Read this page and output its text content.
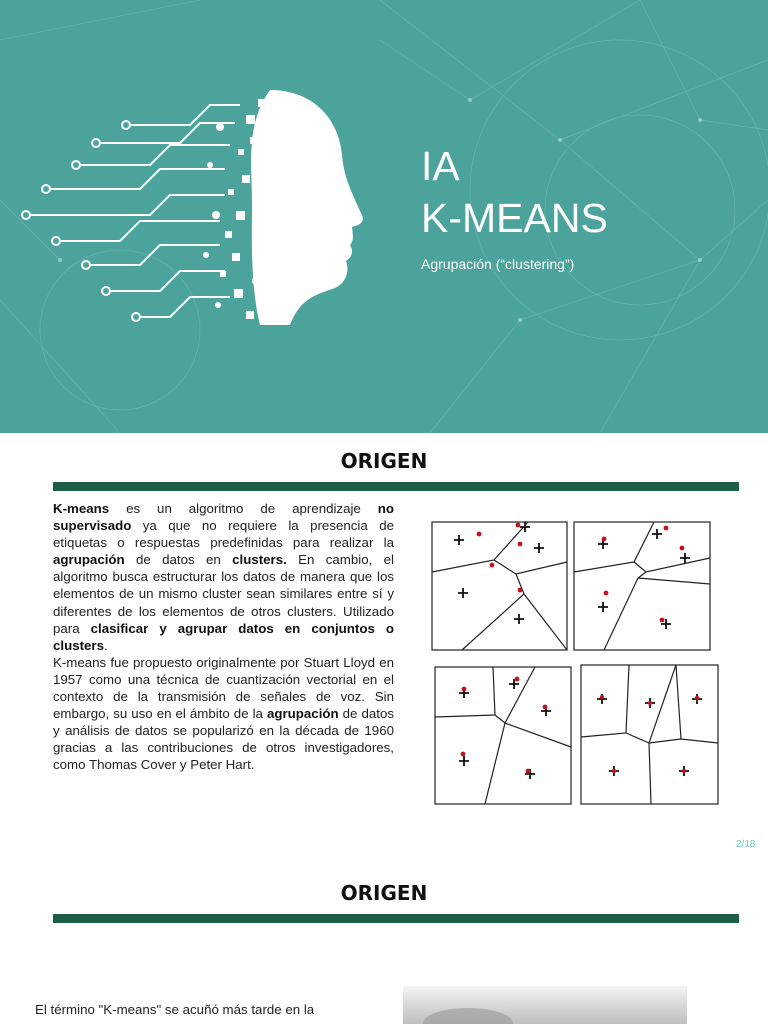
IA
K-MEANS
Agrupación (“clustering”)
ORIGEN

K-means es un algoritmo de aprendizaje no supervisado ya que no requiere la presencia de etiquetas o respuestas predefinidas para realizar la agrupación de datos en clusters. En cambio, el algoritmo busca estructurar los datos de manera que los elementos de un mismo cluster sean similares entre sí y diferentes de los elementos de otros clusters. Utilizado para clasificar y agrupar datos en conjuntos o clusters.

K-means fue propuesto originalmente por Stuart Lloyd en 1957 como una técnica de cuantización vectorial en el contexto de la transmisión de señales de voz. Sin embargo, su uso en el ámbito de la agrupación de datos y análisis de datos se popularizó en la década de 1960 gracias a las contribuciones de otros investigadores, como Thomas Cover y Peter Hart.

2/18
ORIGEN
El término "K-means" se acuñó más tarde en la
